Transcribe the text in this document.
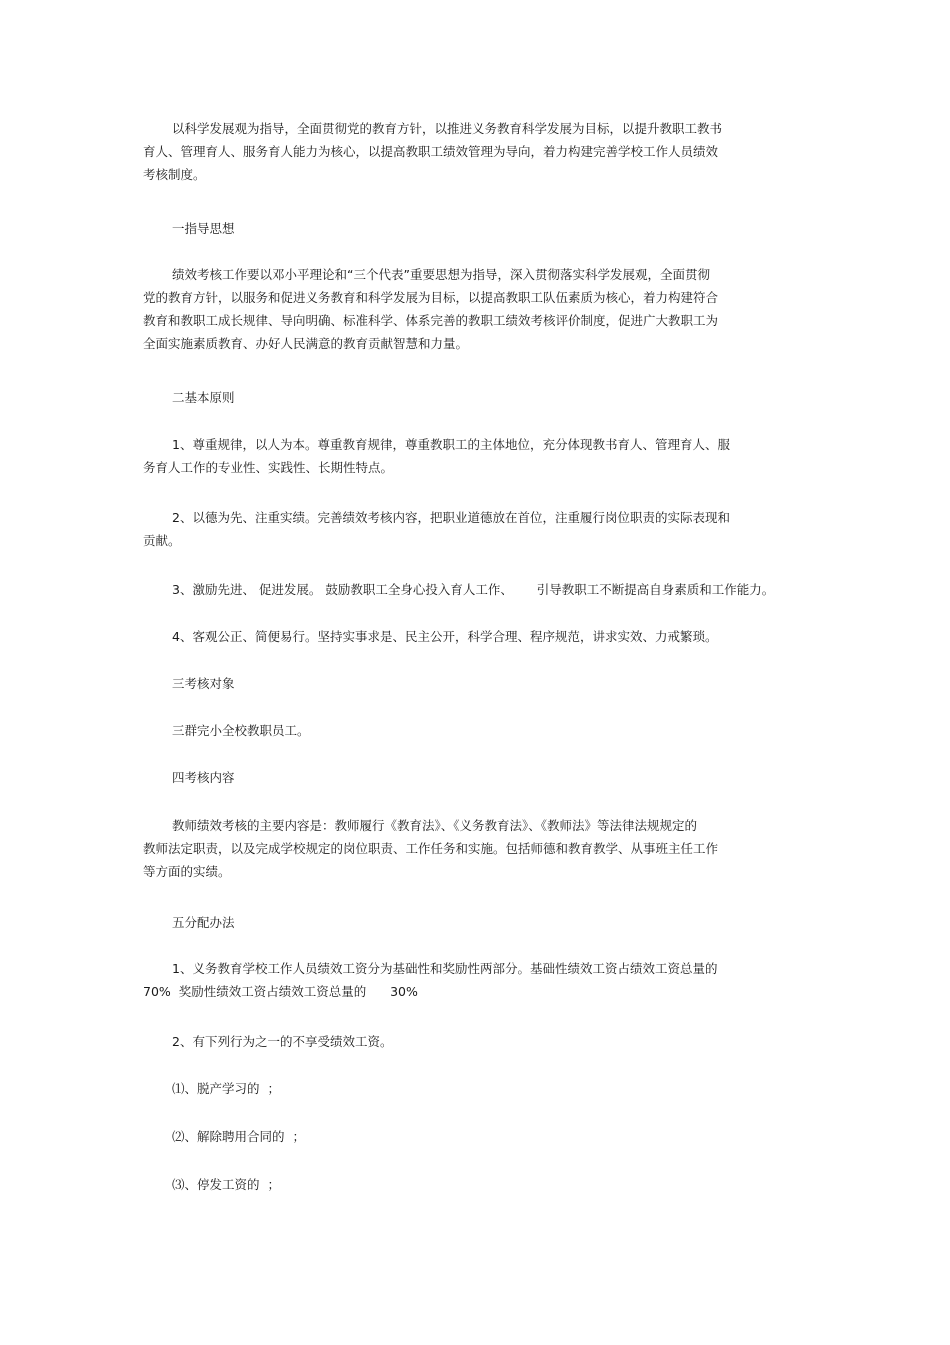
以科学发展观为指导，全面贯彻党的教育方针，以推进义务教育科学发展为目标，以提升教职工教书
育人、管理育人、服务育人能力为核心，以提高教职工绩效管理为导向，着力构建完善学校工作人员绩效
考核制度。
一指导思想
绩效考核工作要以邓小平理论和“三个代表”重要思想为指导，深入贯彻落实科学发展观，全面贯彻
党的教育方针，以服务和促进义务教育和科学发展为目标，以提高教职工队伍素质为核心，着力构建符合
教育和教职工成长规律、导向明确、标准科学、体系完善的教职工绩效考核评价制度，促进广大教职工为
全面实施素质教育、办好人民满意的教育贡献智慧和力量。
二基本原则
1、尊重规律，以人为本。尊重教育规律，尊重教职工的主体地位，充分体现教书育人、管理育人、服
务育人工作的专业性、实践性、长期性特点。
2、以德为先、注重实绩。完善绩效考核内容，把职业道德放在首位，注重履行岗位职责的实际表现和
贡献。
3、激励先进、 促进发展。 鼓励教职工全身心投入育人工作、      引导教职工不断提高自身素质和工作能力。
4、客观公正、简便易行。坚持实事求是、民主公开，科学合理、程序规范，讲求实效、力戒繁琐。
三考核对象
三群完小全校教职员工。
四考核内容
教师绩效考核的主要内容是：教师履行《教育法》、《义务教育法》、《教师法》等法律法规规定的
教师法定职责，以及完成学校规定的岗位职责、工作任务和实施。包括师德和教育教学、从事班主任工作
等方面的实绩。
五分配办法
1、义务教育学校工作人员绩效工资分为基础性和奖励性两部分。基础性绩效工资占绩效工资总量的
70%  奖励性绩效工资占绩效工资总量的      30%
2、有下列行为之一的不享受绩效工资。
⑴、脱产学习的  ；
⑵、解除聘用合同的  ；
⑶、停发工资的  ；
